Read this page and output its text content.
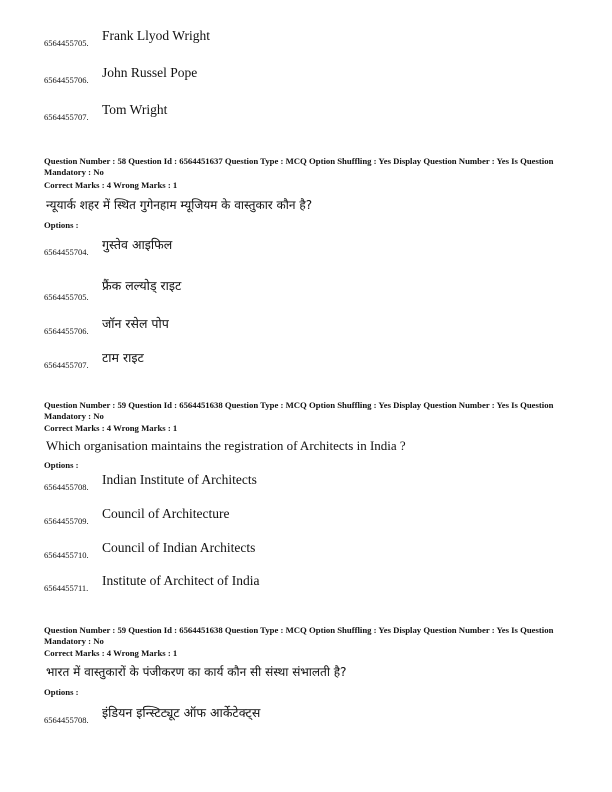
6564455705. Frank Llyod Wright
6564455706. John Russel Pope
6564455707. Tom Wright
Question Number : 58 Question Id : 6564451637 Question Type : MCQ Option Shuffling : Yes Display Question Number : Yes Is Question Mandatory : No
Correct Marks : 4 Wrong Marks : 1
न्यूयार्क शहर में स्थित गुगेनहाम म्यूजियम के वास्तुकार कौन है?
Options :
6564455704. गुस्तेव आइफिल
6564455705.
फ्रैंक लल्योड् राइट
6564455706. जॉन रसेल पोप
6564455707. टाम राइट
Question Number : 59 Question Id : 6564451638 Question Type : MCQ Option Shuffling : Yes Display Question Number : Yes Is Question Mandatory : No
Correct Marks : 4 Wrong Marks : 1
Which organisation maintains the registration of Architects in India ?
Options :
6564455708. Indian Institute of Architects
6564455709. Council of Architecture
6564455710. Council of Indian Architects
6564455711. Institute of Architect of India
Question Number : 59 Question Id : 6564451638 Question Type : MCQ Option Shuffling : Yes Display Question Number : Yes Is Question Mandatory : No
Correct Marks : 4 Wrong Marks : 1
भारत में वास्तुकारों के पंजीकरण का कार्य कौन सी संस्था संभालती है?
Options :
6564455708. इंडियन इन्स्टिट्यूट ऑफ आर्केटेक्ट्स
